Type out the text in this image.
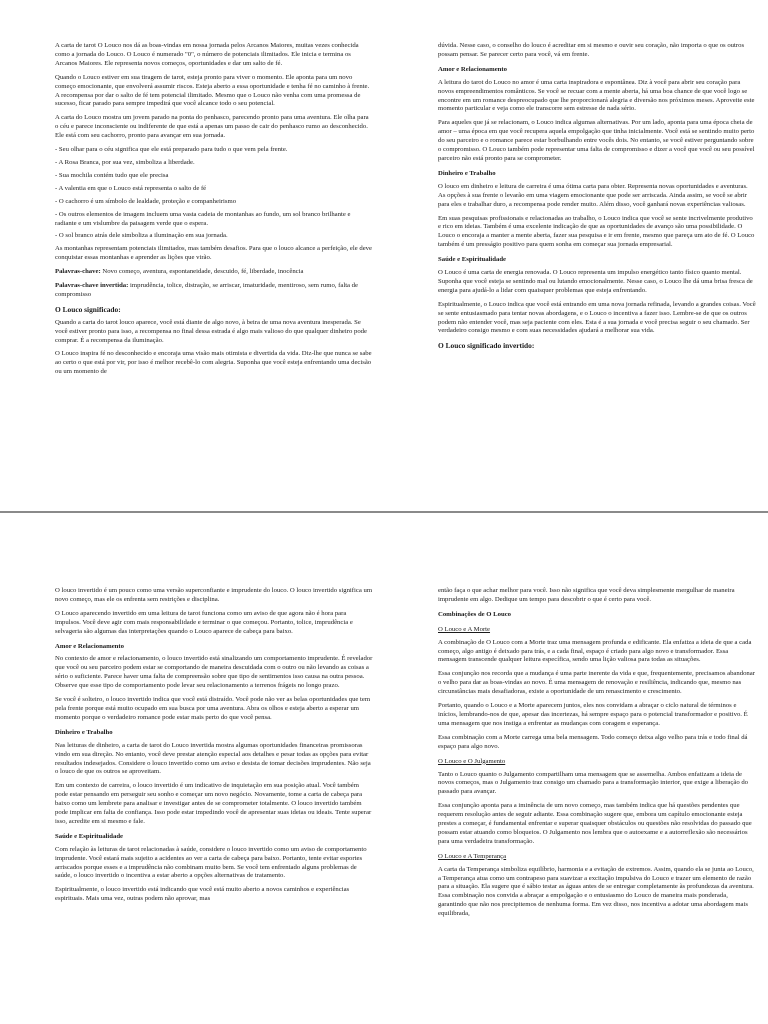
A carta de tarot O Louco nos dá as boas-vindas em nossa jornada pelos Arcanos Maiores, muitas vezes conhecida como a jornada do Louco. O Louco é numerado "0", o número de potenciais ilimitados. Ele inicia e termina os Arcanos Maiores. Ele representa novos começos, oportunidades e dar um salto de fé.

Quando o Louco estiver em sua tiragem de tarot, esteja pronto para viver o momento. Ele aponta para um novo começo emocionante, que envolverá assumir riscos. Esteja aberto a essa oportunidade e tenha fé no caminho à frente. A recompensa por dar o salto de fé tem potencial ilimitado. Mesmo que o Louco não venha com uma promessa de sucesso, ficar parado para sempre impedirá que você alcance todo o seu potencial.

A carta do Louco mostra um jovem parado na ponta do penhasco, parecendo pronto para uma aventura. Ele olha para o céu e parece inconsciente ou indiferente de que está a apenas um passo de cair do penhasco rumo ao desconhecido. Ele está com seu cachorro, pronto para avançar em sua jornada.

- Seu olhar para o céu significa que ele está preparado para tudo o que vem pela frente.

- A Rosa Branca, por sua vez, simboliza a liberdade.

- Sua mochila contém tudo que ele precisa

- A valentia em que o Louco está representa o salto de fé

- O cachorro é um símbolo de lealdade, proteção e companheirismo

- Os outros elementos de imagem incluem uma vasta cadeia de montanhas ao fundo, um sol branco brilhante e radiante e um vislumbre da paisagem verde que o espera.

- O sol branco atrás dele simboliza a iluminação em sua jornada.

As montanhas representam potenciais ilimitados, mas também desafios. Para que o louco alcance a perfeição, ele deve conquistar essas montanhas e aprender as lições que virão.

Palavras-chave: Novo começo, aventura, espontaneidade, descuido, fé, liberdade, inocência

Palavras-chave invertida: imprudência, tolice, distração, se arriscar, imaturidade, mentiroso, sem rumo, falta de compromisso

O Louco significado:

Quando a carta do tarot louco aparece, você está diante de algo novo, à beira de uma nova aventura inesperada. Se você estiver pronto para isso, a recompensa no final dessa estrada é algo mais valioso do que qualquer dinheiro pode comprar. É a recompensa da iluminação.

O Louco inspira fé no desconhecido e encoraja uma visão mais otimista e divertida da vida. Diz-lhe que nunca se sabe ao certo o que está por vir, por isso é melhor recebê-lo com alegria. Suponha que você esteja enfrentando uma decisão ou um momento de

dúvida. Nesse caso, o conselho do louco é acreditar em si mesmo e ouvir seu coração, não importa o que os outros possam pensar. Se parecer certo para você, vá em frente.

Amor e Relacionamento

A leitura do tarot do Louco no amor é uma carta inspiradora e espontânea. Diz à você para abrir seu coração para novos empreendimentos românticos. Se você se recuar com a mente aberta, há uma boa chance de que você logo se encontre em um romance despreocupado que lhe proporcionará alegria e diversão nos próximos meses. Aproveite este momento particular e veja como ele transcorre sem estresse de nada sério.

Para aqueles que já se relacionam, o Louco indica algumas alternativas. Por um lado, aponta para uma época cheia de amor – uma época em que você recupera aquela empolgação que tinha inicialmente. Você está se sentindo muito perto do seu parceiro e o romance parece estar borbulhando entre vocês dois. No entanto, se você estiver perguntando sobre o compromisso. O Louco também pode representar uma falta de compromisso e dizer a você que você ou seu possível parceiro não está pronto para se comprometer.

Dinheiro e Trabalho

O louco em dinheiro e leitura de carreira é uma ótima carta para obter. Representa novas oportunidades e aventuras. As opções à sua frente o levarão em uma viagem emocionante que pode ser arriscada. Ainda assim, se você se abrir para eles e trabalhar duro, a recompensa pode render muito. Além disso, você ganhará novas experiências valiosas.

Em suas pesquisas profissionais e relacionadas ao trabalho, o Louco indica que você se sente incrivelmente produtivo e rico em ideias. Também é uma excelente indicação de que as oportunidades de avanço são uma possibilidade. O Louco o encoraja a manter a mente aberta, fazer sua pesquisa e ir em frente, mesmo que pareça um ato de fé. O Louco também é um presságio positivo para quem sonha em começar sua jornada empresarial.

Saúde e Espiritualidade

O Louco é uma carta de energia renovada. O Louco representa um impulso energético tanto físico quanto mental. Suponha que você esteja se sentindo mal ou lutando emocionalmente. Nesse caso, o Louco lhe dá uma brisa fresca de energia para ajudá-lo a lidar com quaisquer problemas que esteja enfrentando.

Espiritualmente, o Louco indica que você está entrando em uma nova jornada refinada, levando a grandes coisas. Você se sente entusiasmado para tentar novas abordagens, e o Louco o incentiva a fazer isso. Lembre-se de que os outros podem não entender você, mas seja paciente com eles. Esta é a sua jornada e você precisa seguir o seu chamado. Ser verdadeiro consigo mesmo e com suas necessidades ajudará a melhorar sua vida.

O Louco significado invertido:

O louco invertido é um pouco como uma versão superconfiante e imprudente do louco. O louco invertido significa um novo começo, mas ele os enfrenta sem restrições e disciplina.

O Louco aparecendo invertido em uma leitura de tarot funciona como um aviso de que agora não é hora para impulsos. Você deve agir com mais responsabilidade e terminar o que começou. Portanto, tolice, imprudência e selvageria são algumas das interpretações quando o Louco aparece de cabeça para baixo.

Amor e Relacionamento

No contexto de amor e relacionamento, o louco invertido está sinalizando um comportamento imprudente. É revelador que você ou seu parceiro podem estar se comportando de maneira descuidada com o outro ou não levando as coisas a sério o suficiente. Parece haver uma falta de compreensão sobre que tipo de sentimentos isso causa na outra pessoa. Observe que esse tipo de comportamento pode levar seu relacionamento a terrenos frágeis no longo prazo.

Se você é solteiro, o louco invertido indica que você está distraído. Você pode não ver as belas oportunidades que tem pela frente porque está muito ocupado em sua busca por uma aventura. Abra os olhos e esteja aberto a esperar um momento porque o verdadeiro romance pode estar mais perto do que você pensa.

Dinheiro e Trabalho

Nas leituras de dinheiro, a carta de tarot do Louco invertida mostra algumas oportunidades financeiras promissoras vindo em sua direção. No entanto, você deve prestar atenção especial aos detalhes e pesar todas as opções para evitar resultados indesejados. Considere o louco invertido como um aviso e desista de tomar decisões imprudentes. Não seja o louco de que os outros se aproveitam.

Em um contexto de carreira, o louco invertido é um indicativo de inquietação em sua posição atual. Você também pode estar pensando em perseguir seu sonho e começar um novo negócio. Novamente, tome a carta de cabeça para baixo como um lembrete para analisar e investigar antes de se comprometer totalmente. O louco invertido também pode implicar em falta de confiança. Isso pode estar impedindo você de apresentar suas ideias ou ideais. Tente superar isso, acredite em si mesmo e fale.

Saúde e Espiritualidade

Com relação às leituras de tarot relacionadas à saúde, considere o louco invertido como um aviso de comportamento imprudente. Você estará mais sujeito a acidentes ao ver a carta de cabeça para baixo. Portanto, tente evitar esportes arriscados porque esses e a imprudência não combinam muito bem. Se você tem enfrentado alguns problemas de saúde, o louco invertido o incentiva a estar aberto a opções alternativas de tratamento.

Espiritualmente, o louco invertido está indicando que você está muito aberto a novos caminhos e experiências espirituais. Mais uma vez, outras podem não aprovar, mas

então faça o que achar melhor para você. Isso não significa que você deva simplesmente mergulhar de maneira imprudente em algo. Dedique um tempo para descobrir o que é certo para você.

Combinações de O Louco

O Louco e A Morte

A combinação de O Louco com a Morte traz uma mensagem profunda e edificante. Ela enfatiza a ideia de que a cada começo, algo antigo é deixado para trás, e a cada final, espaço é criado para algo novo e transformador. Essa mensagem transcende qualquer leitura específica, sendo uma lição valiosa para todas as situações.

Essa conjunção nos recorda que a mudança é uma parte inerente da vida e que, frequentemente, precisamos abandonar o velho para dar as boas-vindas ao novo. É uma mensagem de renovação e resiliência, indicando que, mesmo nas circunstâncias mais desafiadoras, existe a oportunidade de um renascimento e crescimento.

Portanto, quando o Louco e a Morte aparecem juntos, eles nos convidam a abraçar o ciclo natural de términos e inícios, lembrando-nos de que, apesar das incertezas, há sempre espaço para o potencial transformador e positivo. É uma mensagem que nos instiga a enfrentar as mudanças com coragem e esperança.

Essa combinação com a Morte carrega uma bela mensagem. Todo começo deixa algo velho para trás e todo final dá espaço para algo novo.

O Louco e O Julgamento

Tanto o Louco quanto o Julgamento compartilham uma mensagem que se assemelha. Ambos enfatizam a ideia de novos começos, mas o Julgamento traz consigo um chamado para a transformação interior, que exige a liberação do passado para avançar.

Essa conjunção aponta para a iminência de um novo começo, mas também indica que há questões pendentes que requerem resolução antes de seguir adiante. Essa combinação sugere que, embora um capítulo emocionante esteja prestes a começar, é fundamental enfrentar e superar quaisquer obstáculos ou questões não resolvidas do passado que possam estar atuando como bloqueios. O Julgamento nos lembra que o autoexame e a autorreflexão são necessários para uma verdadeira transformação.

O Louco e A Temperança

A carta da Temperança simboliza equilíbrio, harmonia e a evitação de extremos. Assim, quando ela se junta ao Louco, a Temperança atua como um contrapeso para suavizar a excitação impulsiva do Louco e trazer um elemento de razão para a situação. Ela sugere que é sábio testar as águas antes de se entregar completamente às profundezas da aventura. Essa combinação nos convida a abraçar a empolgação e o entusiasmo do Louco de maneira mais ponderada, garantindo que não nos precipitemos de nenhuma forma. Em vez disso, nos incentiva a adotar uma abordagem mais equilibrada,
